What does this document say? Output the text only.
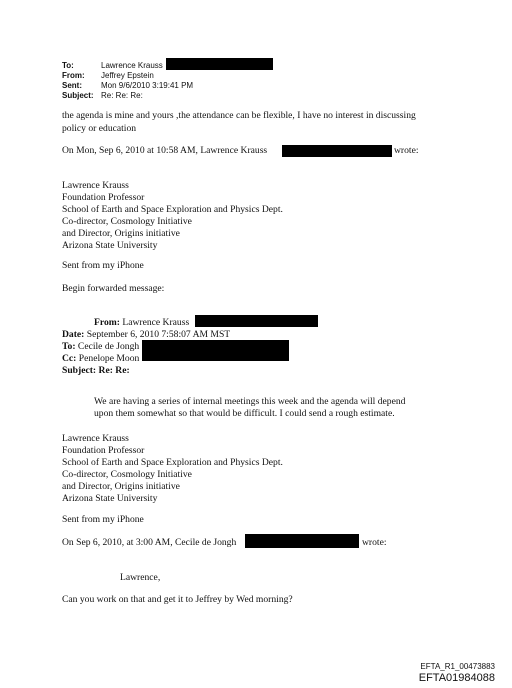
To:	Lawrence Krauss
From: Jeffrey Epstein
Sent: Mon 9/6/2010 3:19:41 PM
Subject: Re: Re: Re:
the agenda is mine and yours ,the attendance can be flexible, I have no interest in discussing
policy or education
On Mon, Sep 6, 2010 at 10:58 AM, Lawrence Krauss	wrote:
Lawrence Krauss
Foundation Professor
School of Earth and Space Exploration and Physics Dept.
Co-director, Cosmology Initiative
and Director, Origins initiative
Arizona State University
Sent from my iPhone
Begin forwarded message:
From: Lawrence Krauss
Date: September 6, 2010 7:58:07 AM MST
To: Cecile de Jongh
Cc: Penelope Moon
Subject: Re: Re:
We are having a series of internal meetings this week and the agenda will depend
upon them somewhat so that would be difficult. I could send a rough estimate.
Lawrence Krauss
Foundation Professor
School of Earth and Space Exploration and Physics Dept.
Co-director, Cosmology Initiative
and Director, Origins initiative
Arizona State University
Sent from my iPhone
On Sep 6, 2010, at 3:00 AM, Cecile de Jongh	wrote:
Lawrence,
Can you work on that and get it to Jeffrey by Wed morning?
EFTA_R1_00473883
EFTA01984088
